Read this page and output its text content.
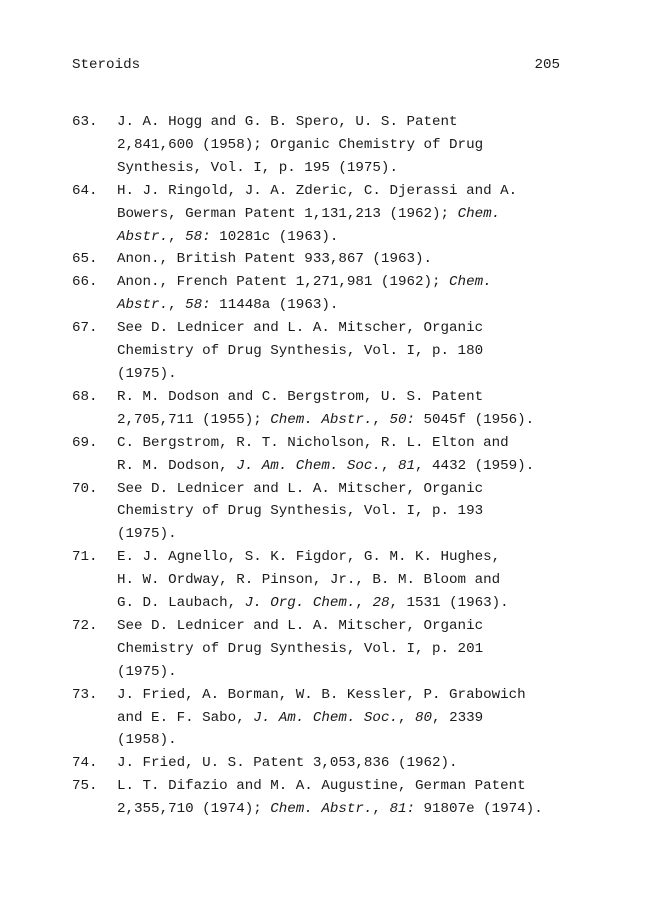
Steroids	205
63. J. A. Hogg and G. B. Spero, U. S. Patent
2,841,600 (1958); Organic Chemistry of Drug
Synthesis, Vol. I, p. 195 (1975).
64. H. J. Ringold, J. A. Zderic, C. Djerassi and A.
Bowers, German Patent 1,131,213 (1962); Chem.
Abstr., 58: 10281c (1963).
65. Anon., British Patent 933,867 (1963).
66. Anon., French Patent 1,271,981 (1962); Chem.
Abstr., 58: 11448a (1963).
67. See D. Lednicer and L. A. Mitscher, Organic
Chemistry of Drug Synthesis, Vol. I, p. 180
(1975).
68. R. M. Dodson and C. Bergstrom, U. S. Patent
2,705,711 (1955); Chem. Abstr., 50: 5045f (1956).
69. C. Bergstrom, R. T. Nicholson, R. L. Elton and
R. M. Dodson, J. Am. Chem. Soc., 81, 4432 (1959).
70. See D. Lednicer and L. A. Mitscher, Organic
Chemistry of Drug Synthesis, Vol. I, p. 193
(1975).
71. E. J. Agnello, S. K. Figdor, G. M. K. Hughes,
H. W. Ordway, R. Pinson, Jr., B. M. Bloom and
G. D. Laubach, J. Org. Chem., 28, 1531 (1963).
72. See D. Lednicer and L. A. Mitscher, Organic
Chemistry of Drug Synthesis, Vol. I, p. 201
(1975).
73. J. Fried, A. Borman, W. B. Kessler, P. Grabowich
and E. F. Sabo, J. Am. Chem. Soc., 80, 2339
(1958).
74. J. Fried, U. S. Patent 3,053,836 (1962).
75. L. T. Difazio and M. A. Augustine, German Patent
2,355,710 (1974); Chem. Abstr., 81: 91807e (1974).
